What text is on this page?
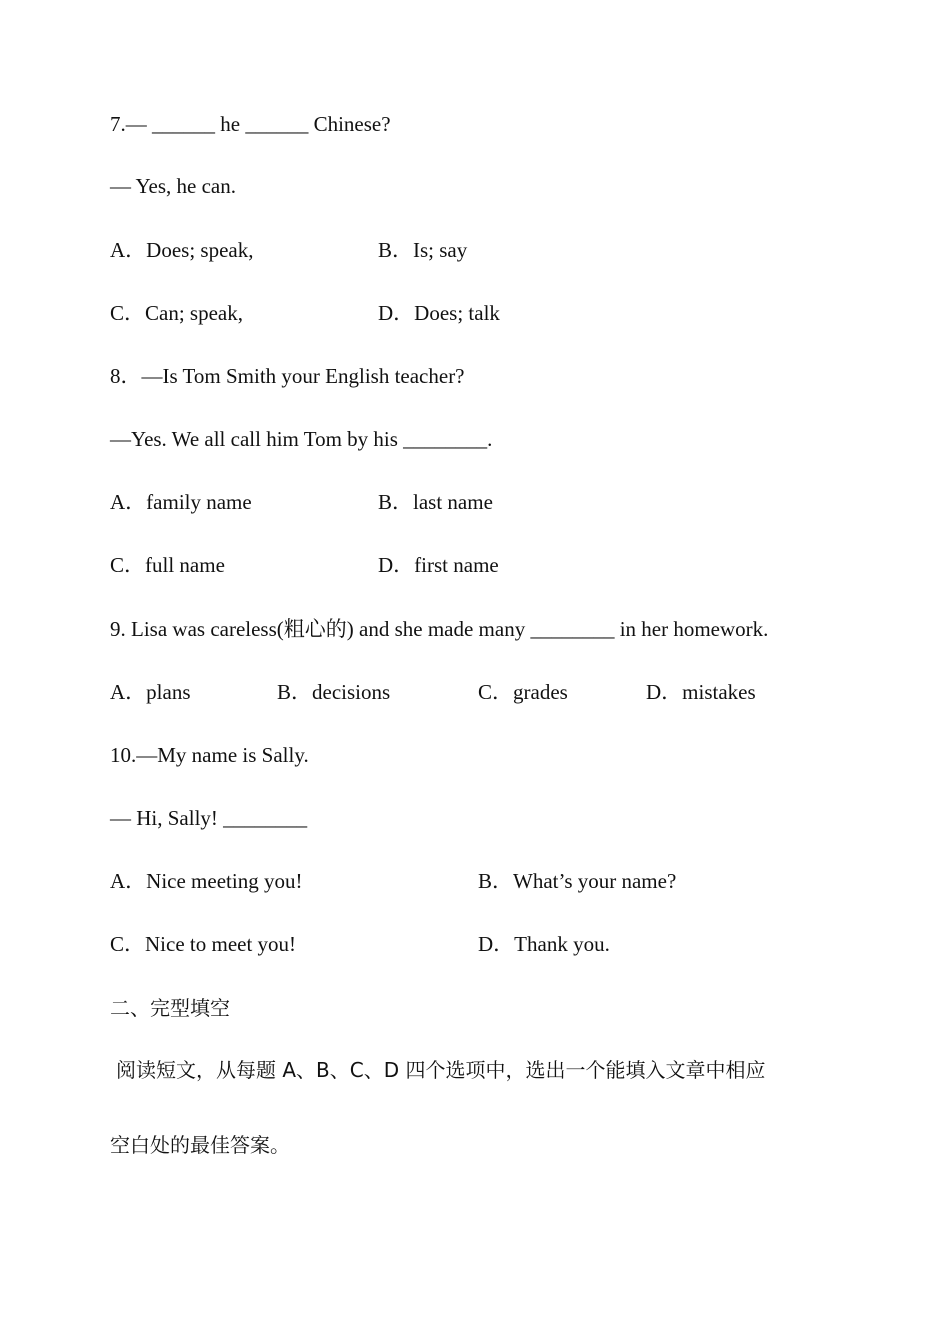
7.— ______ he ______ Chinese?
— Yes, he can.
A．Does; speak,	B．Is; say
C．Can; speak,	D．Does; talk
8．—Is Tom Smith your English teacher?
—Yes. We all call him Tom by his ________.
A．family name	B．last name
C．full name	D．first name
9. Lisa was careless(粗心的) and she made many ________ in her homework.
A．plans	B．decisions	C．grades	D．mistakes
10.—My name is Sally.
— Hi, Sally! ________
A．Nice meeting you!	B．What’s your name?
C．Nice to meet you!	D．Thank you.
二、完型填空
阅读短文，从每题 A、B、C、D 四个选项中，选出一个能填入文章中相应
空白处的最佳答案。
